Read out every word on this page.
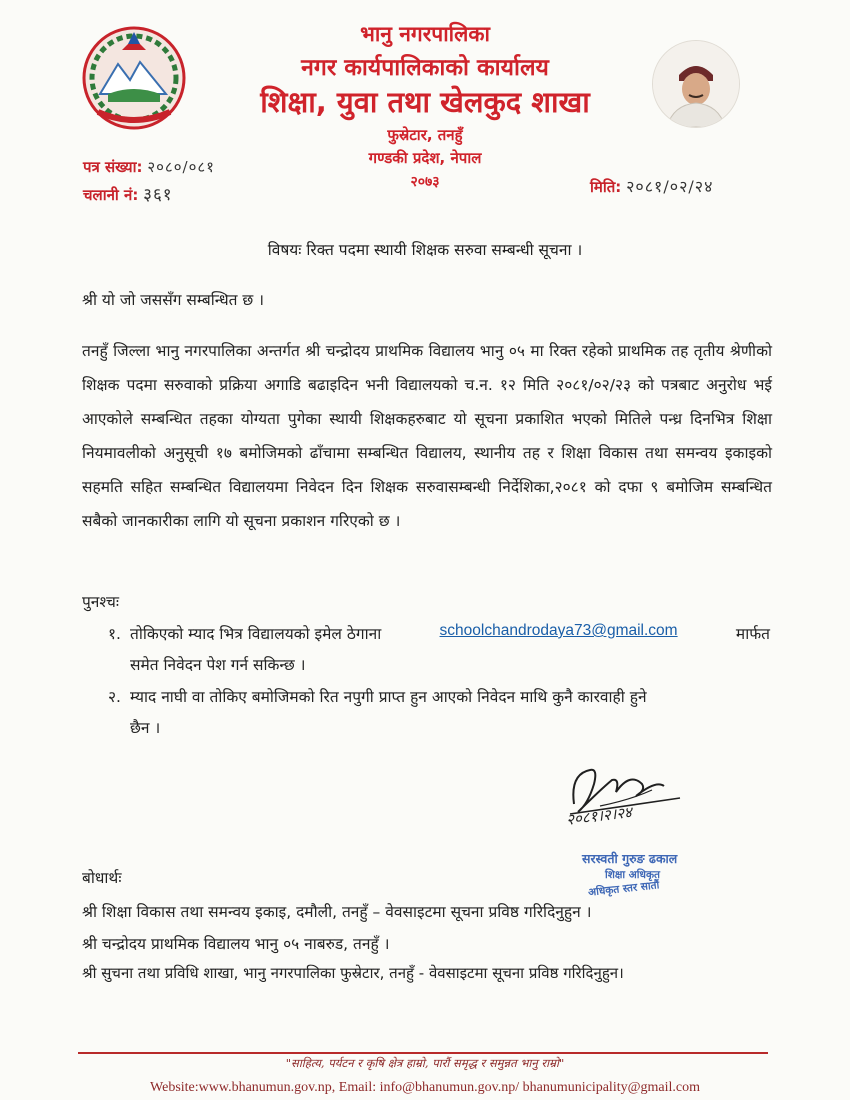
भानु नगरपालिका
नगर कार्यपालिकाको कार्यालय
शिक्षा, युवा तथा खेलकुद शाखा
फुस्रेटार, तनहुँ
गण्डकी प्रदेश, नेपाल
२०७३
पत्र संख्या: २०८०/०८१
चलानी नं: ३६१	मिति: २०८१/०२/२४
विषयः रिक्त पदमा स्थायी शिक्षक सरुवा सम्बन्धी सूचना ।
श्री यो जो जससँग सम्बन्धित छ ।
तनहुँ जिल्ला भानु नगरपालिका अन्तर्गत श्री चन्द्रोदय प्राथमिक विद्यालय भानु ०५ मा रिक्त रहेको प्राथमिक तह तृतीय श्रेणीको शिक्षक पदमा सरुवाको प्रक्रिया अगाडि बढाइदिन भनी विद्यालयको च.न. १२ मिति २०८१/०२/२३ को पत्रबाट अनुरोध भई आएकोले सम्बन्धित तहका योग्यता पुगेका स्थायी शिक्षकहरुबाट यो सूचना प्रकाशित भएको मितिले पन्ध्र दिनभित्र शिक्षा नियमावलीको अनुसूची १७ बमोजिमको ढाँचामा सम्बन्धित विद्यालय, स्थानीय तह र शिक्षा विकास तथा समन्वय इकाइको सहमति सहित सम्बन्धित विद्यालयमा निवेदन दिन शिक्षक सरुवासम्बन्धी निर्देशिका,२०८१ को दफा ९ बमोजिम सम्बन्धित सबैको जानकारीका लागि यो सूचना प्रकाशन गरिएको छ ।
पुनश्चः
१. तोकिएको म्याद भित्र विद्यालयको इमेल ठेगाना	schoolchandrodaya73@gmail.com	मार्फत
समेत निवेदन पेश गर्न सकिन्छ ।
२. म्याद नाघी वा तोकिए बमोजिमको रित नपुगी प्राप्त हुन आएको निवेदन माथि कुनै कारवाही हुने
छैन ।
२०८१।२।२४
सरस्वती गुरुङ ढकाल
शिक्षा अधिकृत
अधिकृत स्तर सातौं
बोधार्थः
श्री शिक्षा विकास तथा समन्वय इकाइ, दमौली, तनहुँ – वेवसाइटमा सूचना प्रविष्ठ गरिदिनुहुन ।
श्री चन्द्रोदय प्राथमिक विद्यालय भानु ०५ नाबरुड, तनहुँ ।
श्री सुचना तथा प्रविधि शाखा, भानु नगरपालिका फुस्रेटार, तनहुँ - वेवसाइटमा सूचना प्रविष्ठ गरिदिनुहुन।
"साहित्य, पर्यटन र कृषि क्षेत्र हाम्रो, पारौं समृद्ध र समुन्नत भानु राम्रो"
Website:www.bhanumun.gov.np, Email: info@bhanumun.gov.np/ bhanumunicipality@gmail.com
